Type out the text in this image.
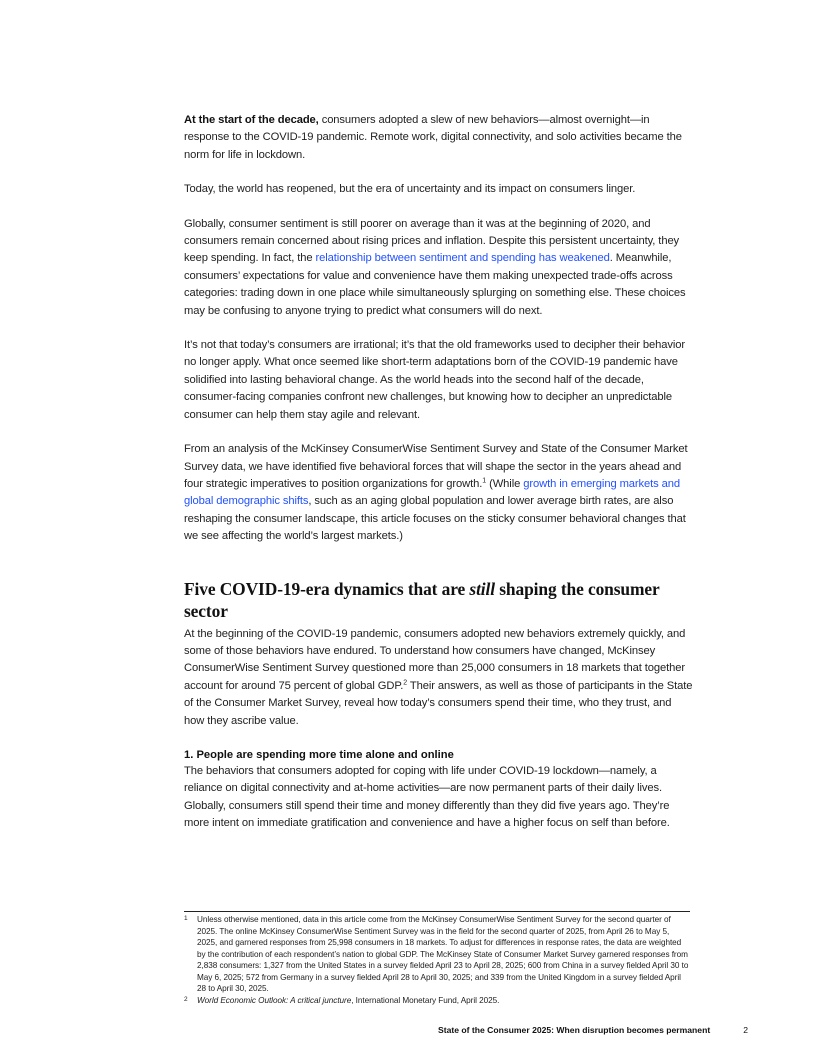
At the start of the decade, consumers adopted a slew of new behaviors—almost overnight—in response to the COVID-19 pandemic. Remote work, digital connectivity, and solo activities became the norm for life in lockdown.

Today, the world has reopened, but the era of uncertainty and its impact on consumers linger.

Globally, consumer sentiment is still poorer on average than it was at the beginning of 2020, and consumers remain concerned about rising prices and inflation. Despite this persistent uncertainty, they keep spending. In fact, the relationship between sentiment and spending has weakened. Meanwhile, consumers’ expectations for value and convenience have them making unexpected trade-offs across categories: trading down in one place while simultaneously splurging on something else. These choices may be confusing to anyone trying to predict what consumers will do next.

It’s not that today’s consumers are irrational; it’s that the old frameworks used to decipher their behavior no longer apply. What once seemed like short-term adaptations born of the COVID-19 pandemic have solidified into lasting behavioral change. As the world heads into the second half of the decade, consumer-facing companies confront new challenges, but knowing how to decipher an unpredictable consumer can help them stay agile and relevant.

From an analysis of the McKinsey ConsumerWise Sentiment Survey and State of the Consumer Market Survey data, we have identified five behavioral forces that will shape the sector in the years ahead and four strategic imperatives to position organizations for growth.$^1$ (While growth in emerging markets and global demographic shifts, such as an aging global population and lower average birth rates, are also reshaping the consumer landscape, this article focuses on the sticky consumer behavioral changes that we see affecting the world’s largest markets.)

Five COVID-19-era dynamics that are still shaping the consumer sector

At the beginning of the COVID-19 pandemic, consumers adopted new behaviors extremely quickly, and some of those behaviors have endured. To understand how consumers have changed, McKinsey ConsumerWise Sentiment Survey questioned more than 25,000 consumers in 18 markets that together account for around 75 percent of global GDP.$^2$ Their answers, as well as those of participants in the State of the Consumer Market Survey, reveal how today’s consumers spend their time, who they trust, and how they ascribe value.

1. People are spending more time alone and online

The behaviors that consumers adopted for coping with life under COVID-19 lockdown—namely, a reliance on digital connectivity and at-home activities—are now permanent parts of their daily lives. Globally, consumers still spend their time and money differently than they did five years ago. They’re more intent on immediate gratification and convenience and have a higher focus on self than before.

1 Unless otherwise mentioned, data in this article come from the McKinsey ConsumerWise Sentiment Survey for the second quarter of 2025. The online McKinsey ConsumerWise Sentiment Survey was in the field for the second quarter of 2025, from April 26 to May 5, 2025, and garnered responses from 25,998 consumers in 18 markets. To adjust for differences in response rates, the data are weighted by the contribution of each respondent’s nation to global GDP. The McKinsey State of Consumer Market Survey garnered responses from 2,838 consumers: 1,327 from the United States in a survey fielded April 23 to April 28, 2025; 600 from China in a survey fielded April 30 to May 6, 2025; 572 from Germany in a survey fielded April 28 to April 30, 2025; and 339 from the United Kingdom in a survey fielded April 28 to April 30, 2025.
2 World Economic Outlook: A critical juncture, International Monetary Fund, April 2025.
State of the Consumer 2025: When disruption becomes permanent	2
